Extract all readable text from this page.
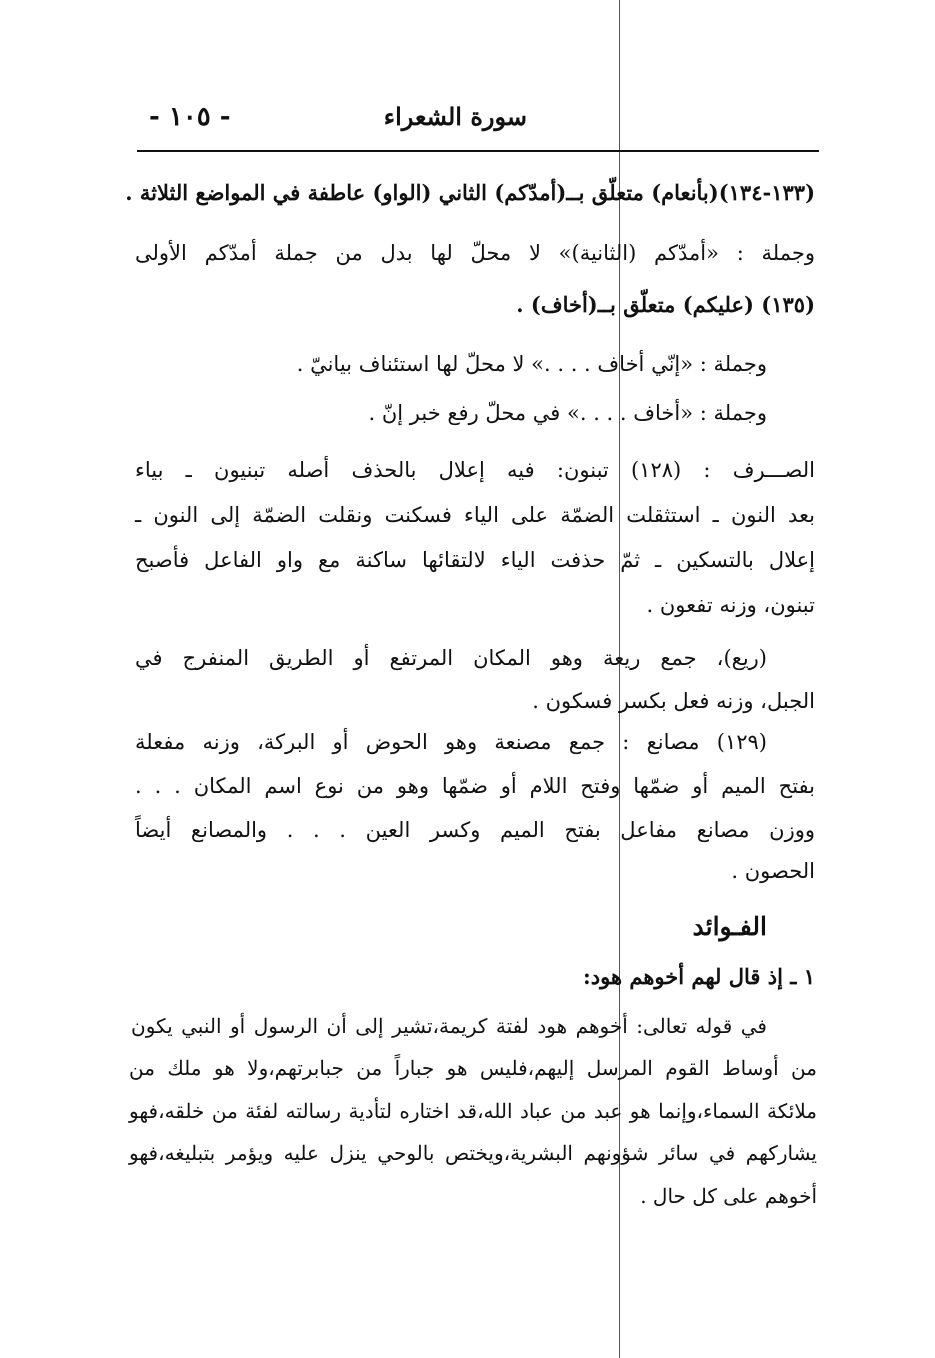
- ١٠٥ -	سورة الشعراء
(١٣٣-١٣٤)(بأنعام) متعلّق بــ(أمدّكم) الثاني (الواو) عاطفة في المواضع الثلاثة .
وجملة : «أمدّكم (الثانية)» لا محلّ لها بدل من جملة أمدّكم الأولى
(١٣٥) (عليكم) متعلّق بــ(أخاف) .
وجملة : «إنّي أخاف . . . .» لا محلّ لها استئناف بيانيّ .
وجملة : «أخاف . . . .» في محلّ رفع خبر إنّ .
الصـــرف : (١٢٨) تبنون: فيه إعلال بالحذف أصله تبنيون ـ بياء
بعد النون ـ استثقلت الضمّة على الياء فسكنت ونقلت الضمّة إلى النون ـ
إعلال بالتسكين ـ ثمّ حذفت الياء لالتقائها ساكنة مع واو الفاعل فأصبح
تبنون، وزنه تفعون .
(ريع)، جمع ريعة وهو المكان المرتفع أو الطريق المنفرج في
الجبل، وزنه فعل بكسر فسكون .
(١٢٩) مصانع : جمع مصنعة وهو الحوض أو البركة، وزنه مفعلة
بفتح الميم أو ضمّها وفتح اللام أو ضمّها وهو من نوع اسم المكان . . .
ووزن مصانع مفاعل بفتح الميم وكسر العين . . . والمصانع أيضاً
الحصون .
الفـوائد
١ ـ إذ قال لهم أخوهم هود:
في قوله تعالى: أخوهم هود لفتة كريمة،تشير إلى أن الرسول أو النبي يكون
من أوساط القوم المرسل إليهم،فليس هو جباراً من جبابرتهم،ولا هو ملك من
ملائكة السماء،وإنما هو عبد من عباد الله،قد اختاره لتأدية رسالته لفئة من خلقه،فهو
يشاركهم في سائر شؤونهم البشرية،ويختص بالوحي ينزل عليه ويؤمر بتبليغه،فهو
أخوهم على كل حال .
